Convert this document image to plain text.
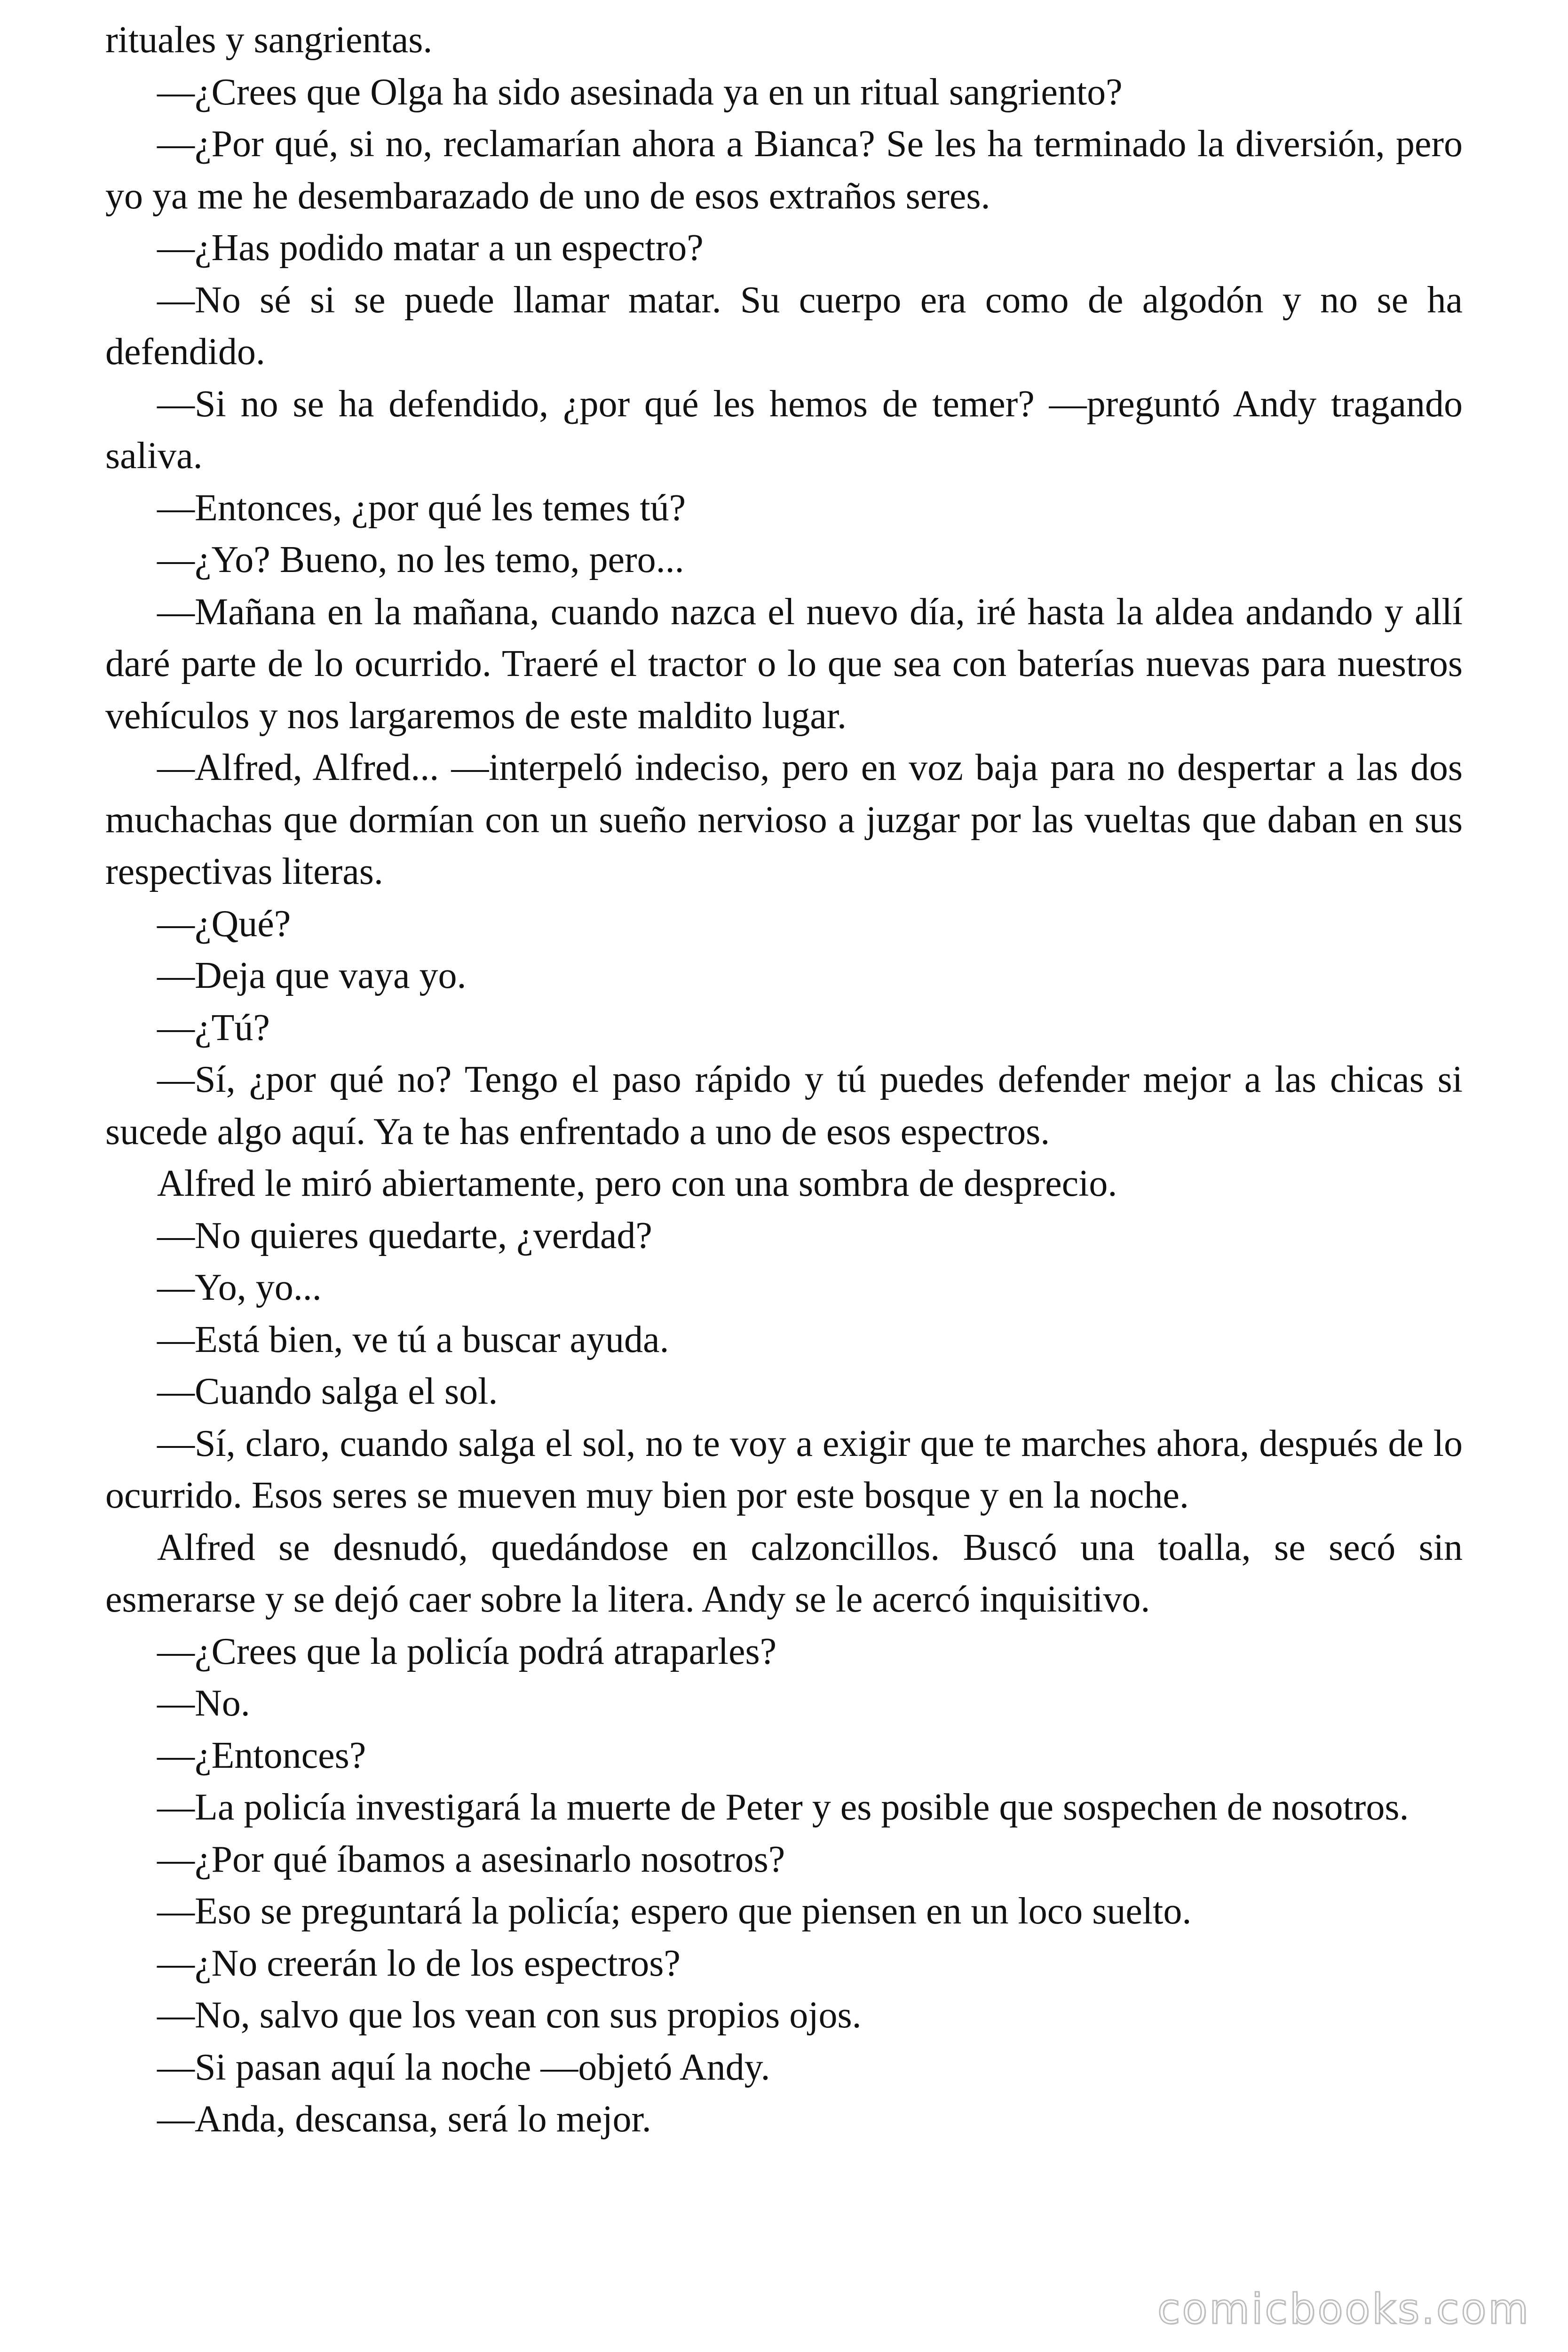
rituales y sangrientas.

—¿Crees que Olga ha sido asesinada ya en un ritual sangriento?

—¿Por qué, si no, reclamarían ahora a Bianca? Se les ha terminado la diversión, pero yo ya me he desembarazado de uno de esos extraños seres.

—¿Has podido matar a un espectro?

—No sé si se puede llamar matar. Su cuerpo era como de algodón y no se ha defendido.

—Si no se ha defendido, ¿por qué les hemos de temer? —preguntó Andy tragando saliva.

—Entonces, ¿por qué les temes tú?

—¿Yo? Bueno, no les temo, pero...

—Mañana en la mañana, cuando nazca el nuevo día, iré hasta la aldea andando y allí daré parte de lo ocurrido. Traeré el tractor o lo que sea con baterías nuevas para nuestros vehículos y nos largaremos de este maldito lugar.

—Alfred, Alfred... —interpeló indeciso, pero en voz baja para no despertar a las dos muchachas que dormían con un sueño nervioso a juzgar por las vueltas que daban en sus respectivas literas.

—¿Qué?

—Deja que vaya yo.

—¿Tú?

—Sí, ¿por qué no? Tengo el paso rápido y tú puedes defender mejor a las chicas si sucede algo aquí. Ya te has enfrentado a uno de esos espectros.

Alfred le miró abiertamente, pero con una sombra de desprecio.

—No quieres quedarte, ¿verdad?

—Yo, yo...

—Está bien, ve tú a buscar ayuda.

—Cuando salga el sol.

—Sí, claro, cuando salga el sol, no te voy a exigir que te marches ahora, después de lo ocurrido. Esos seres se mueven muy bien por este bosque y en la noche.

Alfred se desnudó, quedándose en calzoncillos. Buscó una toalla, se secó sin esmerarse y se dejó caer sobre la litera. Andy se le acercó inquisitivo.

—¿Crees que la policía podrá atraparles?

—No.

—¿Entonces?

—La policía investigará la muerte de Peter y es posible que sospechen de nosotros.

—¿Por qué íbamos a asesinarlo nosotros?

—Eso se preguntará la policía; espero que piensen en un loco suelto.

—¿No creerán lo de los espectros?

—No, salvo que los vean con sus propios ojos.

—Si pasan aquí la noche —objetó Andy.

—Anda, descansa, será lo mejor.

comicbooks.com
